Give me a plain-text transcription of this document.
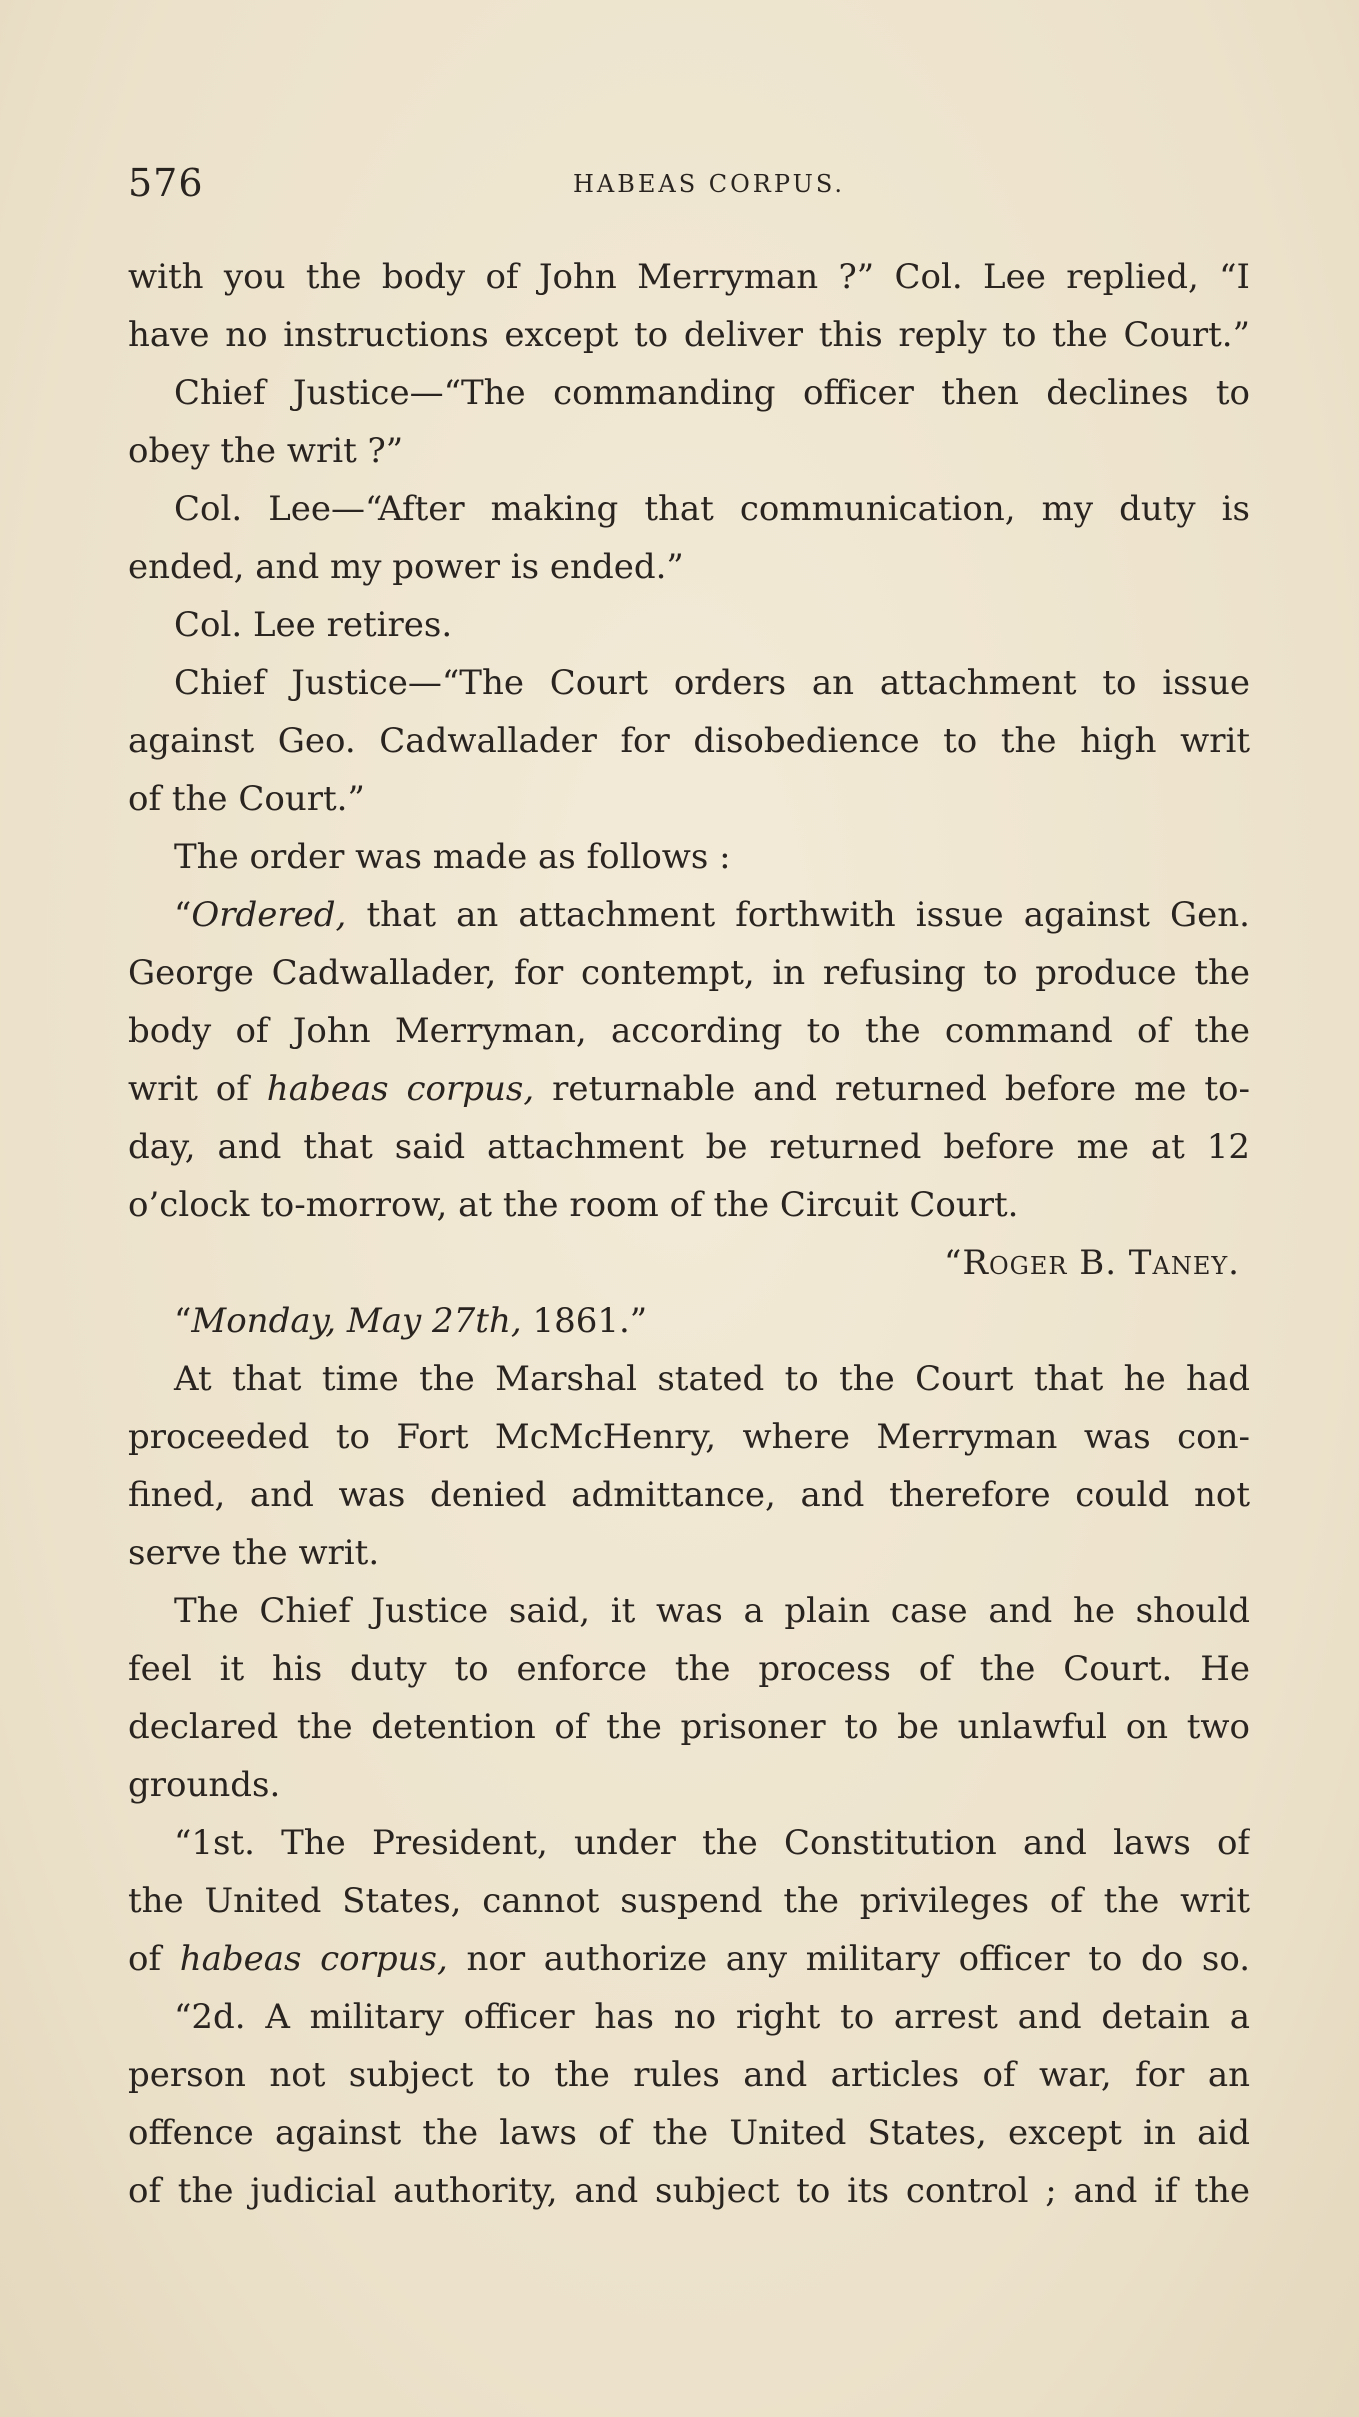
576	HABEAS CORPUS.
with you the body of John Merryman ?” Col. Lee replied, “I
have no instructions except to deliver this reply to the Court.”
Chief Justice—“The commanding officer then declines to
obey the writ ?”
Col. Lee—“After making that communication, my duty is
ended, and my power is ended.”
Col. Lee retires.
Chief Justice—“The Court orders an attachment to issue
against Geo. Cadwallader for disobedience to the high writ
of the Court.”
The order was made as follows :
“Ordered, that an attachment forthwith issue against Gen.
George Cadwallader, for contempt, in refusing to produce the
body of John Merryman, according to the command of the
writ of habeas corpus, returnable and returned before me to-
day, and that said attachment be returned before me at 12
o’clock to-morrow, at the room of the Circuit Court.
“Roger B. Taney.
“Monday, May 27th, 1861.”
At that time the Marshal stated to the Court that he had
proceeded to Fort McMcHenry, where Merryman was con-
fined, and was denied admittance, and therefore could not
serve the writ.
The Chief Justice said, it was a plain case and he should
feel it his duty to enforce the process of the Court. He
declared the detention of the prisoner to be unlawful on two
grounds.
“1st. The President, under the Constitution and laws of
the United States, cannot suspend the privileges of the writ
of habeas corpus, nor authorize any military officer to do so.
“2d. A military officer has no right to arrest and detain a
person not subject to the rules and articles of war, for an
offence against the laws of the United States, except in aid
of the judicial authority, and subject to its control ; and if the
